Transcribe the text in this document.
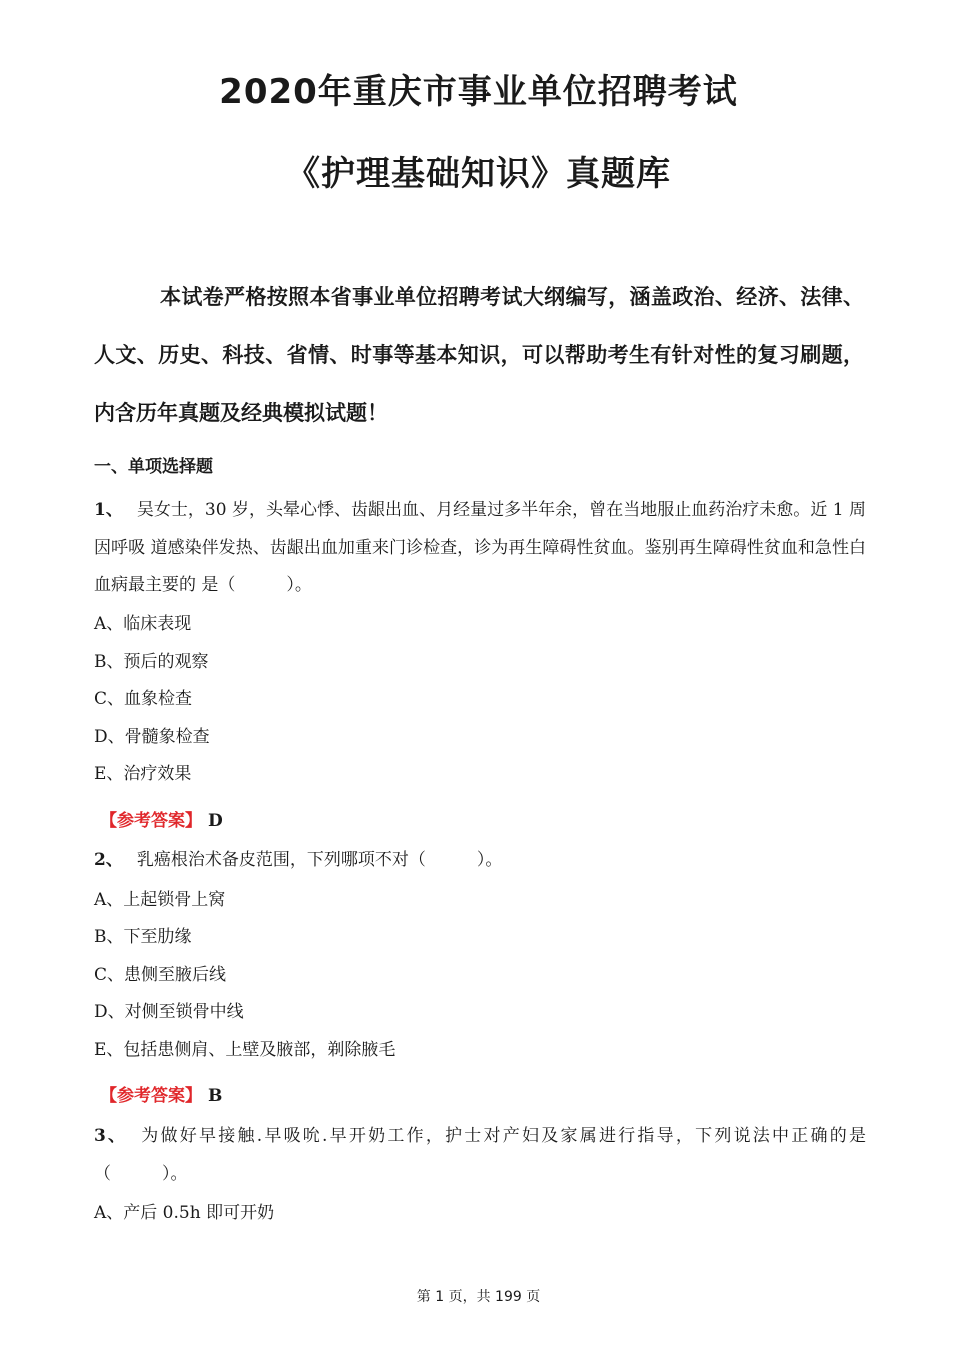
2020年重庆市事业单位招聘考试
《护理基础知识》真题库

本试卷严格按照本省事业单位招聘考试大纲编写，涵盖政治、经济、法律、人文、历史、科技、省情、时事等基本知识，可以帮助考生有针对性的复习刷题，内含历年真题及经典模拟试题！

一、单项选择题

1、 吴女士，30 岁，头晕心悸、齿龈出血、月经量过多半年余，曾在当地服止血药治疗未愈。近 1 周因呼吸 道感染伴发热、齿龈出血加重来门诊检查，诊为再生障碍性贫血。鉴别再生障碍性贫血和急性白血病最主要的 是（　　　）。

A、临床表现

B、预后的观察

C、血象检查

D、骨髓象检查

E、治疗效果

【参考答案】 D

2、 乳癌根治术备皮范围，下列哪项不对（　　　）。

A、上起锁骨上窝

B、下至肋缘

C、患侧至腋后线

D、对侧至锁骨中线

E、包括患侧肩、上壁及腋部，剃除腋毛

【参考答案】 B

3、 为做好早接触.早吸吮.早开奶工作，护士对产妇及家属进行指导，下列说法中正确的是（　　　）。

A、产后 0.5h 即可开奶

第 1 页，共 199 页
